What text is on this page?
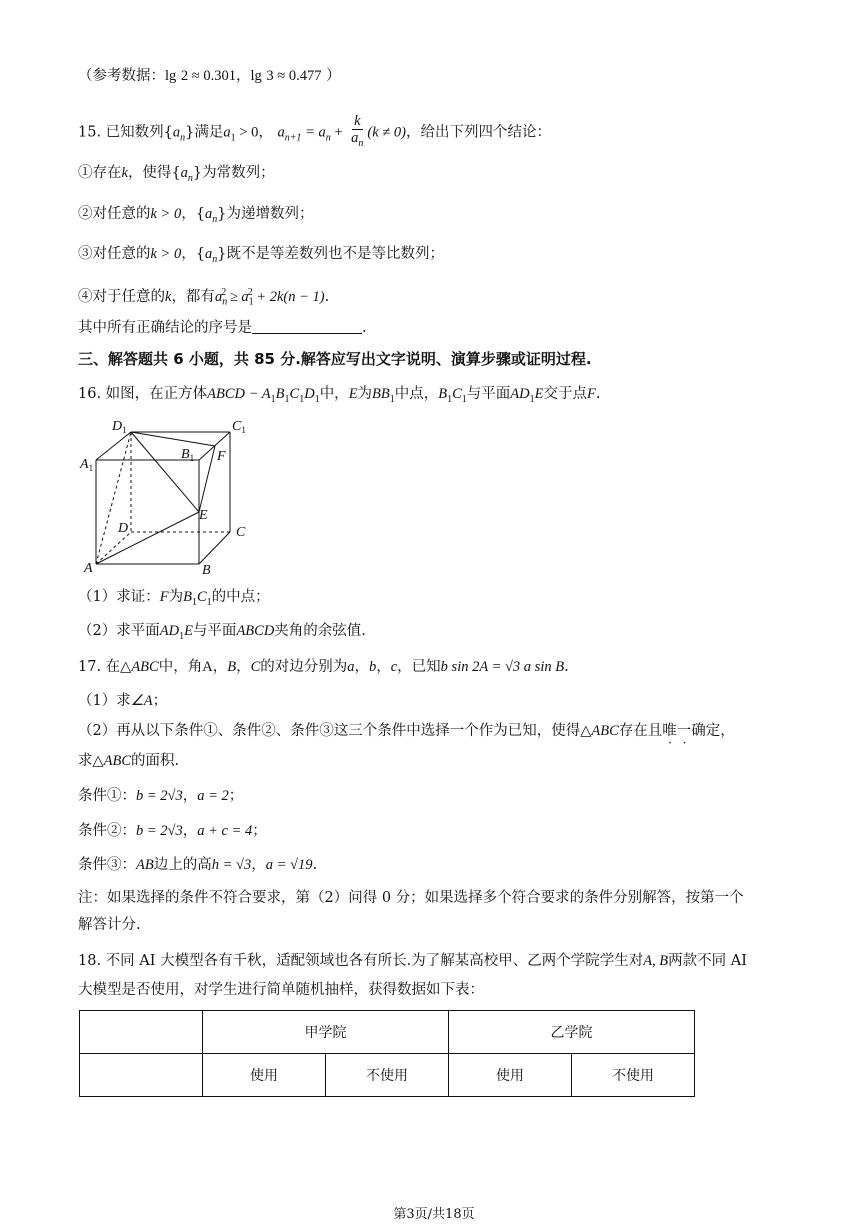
（参考数据：lg 2 ≈ 0.301，lg 3 ≈ 0.477 ）
15. 已知数列$\{a_n\}$满足$a_1 > 0$， $a_{n+1} = a_n + \frac{k}{a_n} (k \ne 0)$，给出下列四个结论：
①存在k，使得$\{a_n\}$为常数列；
②对任意的k > 0，$\{a_n\}$为递增数列；
③对任意的k > 0，$\{a_n\}$既不是等差数列也不是等比数列；
④对于任意的k，都有$a_n^2 \ge a_1^2 + 2k(n - 1)$.
其中所有正确结论的序号是	.
三、解答题共 6 小题，共 85 分.解答应写出文字说明、演算步骤或证明过程.
16. 如图，在正方体ABCD − $A_1B_1C_1D_1$中，E为$BB_1$中点，$B_1C_1$与平面$AD_1E$交于点F.
$D_1$	$C_1$
$A_1$
$B_1$ F
E
D	C
A	B
（1）求证：F为$B_1C_1$的中点；
（2）求平面$AD_1E$与平面ABCD夹角的余弦值.
17. 在△ABC中，角A，B，C的对边分别为a，b，c，已知b sin 2A = √3 a sin B.
（1）求∠A；
（2）再从以下条件①、条件②、条件③这三个条件中选择一个作为已知，使得△ABC存在且唯一确定，
求△ABC的面积.
条件①：b = 2√3，a = 2；
条件②：b = 2√3，a + c = 4；
条件③：AB边上的高h = √3，a = √19.
注：如果选择的条件不符合要求，第（2）问得 0 分；如果选择多个符合要求的条件分别解答，按第一个
解答计分.
18. 不同 AI 大模型各有千秋，适配领域也各有所长.为了解某高校甲、乙两个学院学生对A, B两款不同 AI
大模型是否使用，对学生进行简单随机抽样，获得数据如下表：
	甲学院		乙学院	
	使用	不使用	使用	不使用
第3页/共18页
